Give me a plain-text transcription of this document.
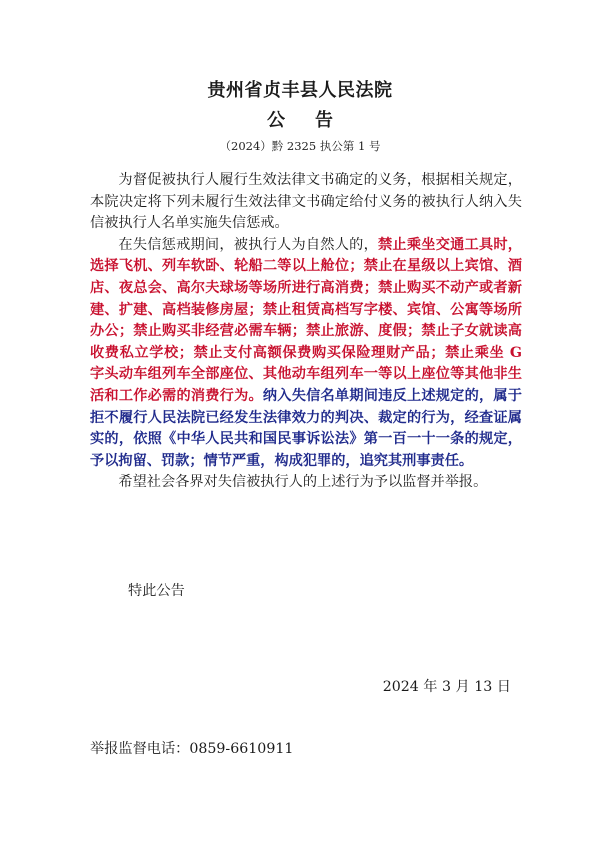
贵州省贞丰县人民法院
公告
（2024）黔 2325 执公第 1 号

为督促被执行人履行生效法律文书确定的义务，根据相关规定，本院决定将下列未履行生效法律文书确定给付义务的被执行人纳入失信被执行人名单实施失信惩戒。

在失信惩戒期间，被执行人为自然人的，禁止乘坐交通工具时，选择飞机、列车软卧、轮船二等以上舱位；禁止在星级以上宾馆、酒店、夜总会、高尔夫球场等场所进行高消费；禁止购买不动产或者新建、扩建、高档装修房屋；禁止租赁高档写字楼、宾馆、公寓等场所办公；禁止购买非经营必需车辆；禁止旅游、度假；禁止子女就读高收费私立学校；禁止支付高额保费购买保险理财产品；禁止乘坐 G 字头动车组列车全部座位、其他动车组列车一等以上座位等其他非生活和工作必需的消费行为。纳入失信名单期间违反上述规定的，属于拒不履行人民法院已经发生法律效力的判决、裁定的行为，经查证属实的，依照《中华人民共和国民事诉讼法》第一百一十一条的规定，予以拘留、罚款；情节严重，构成犯罪的，追究其刑事责任。

希望社会各界对失信被执行人的上述行为予以监督并举报。

特此公告
2024 年 3 月 13 日
举报监督电话：0859-6610911
